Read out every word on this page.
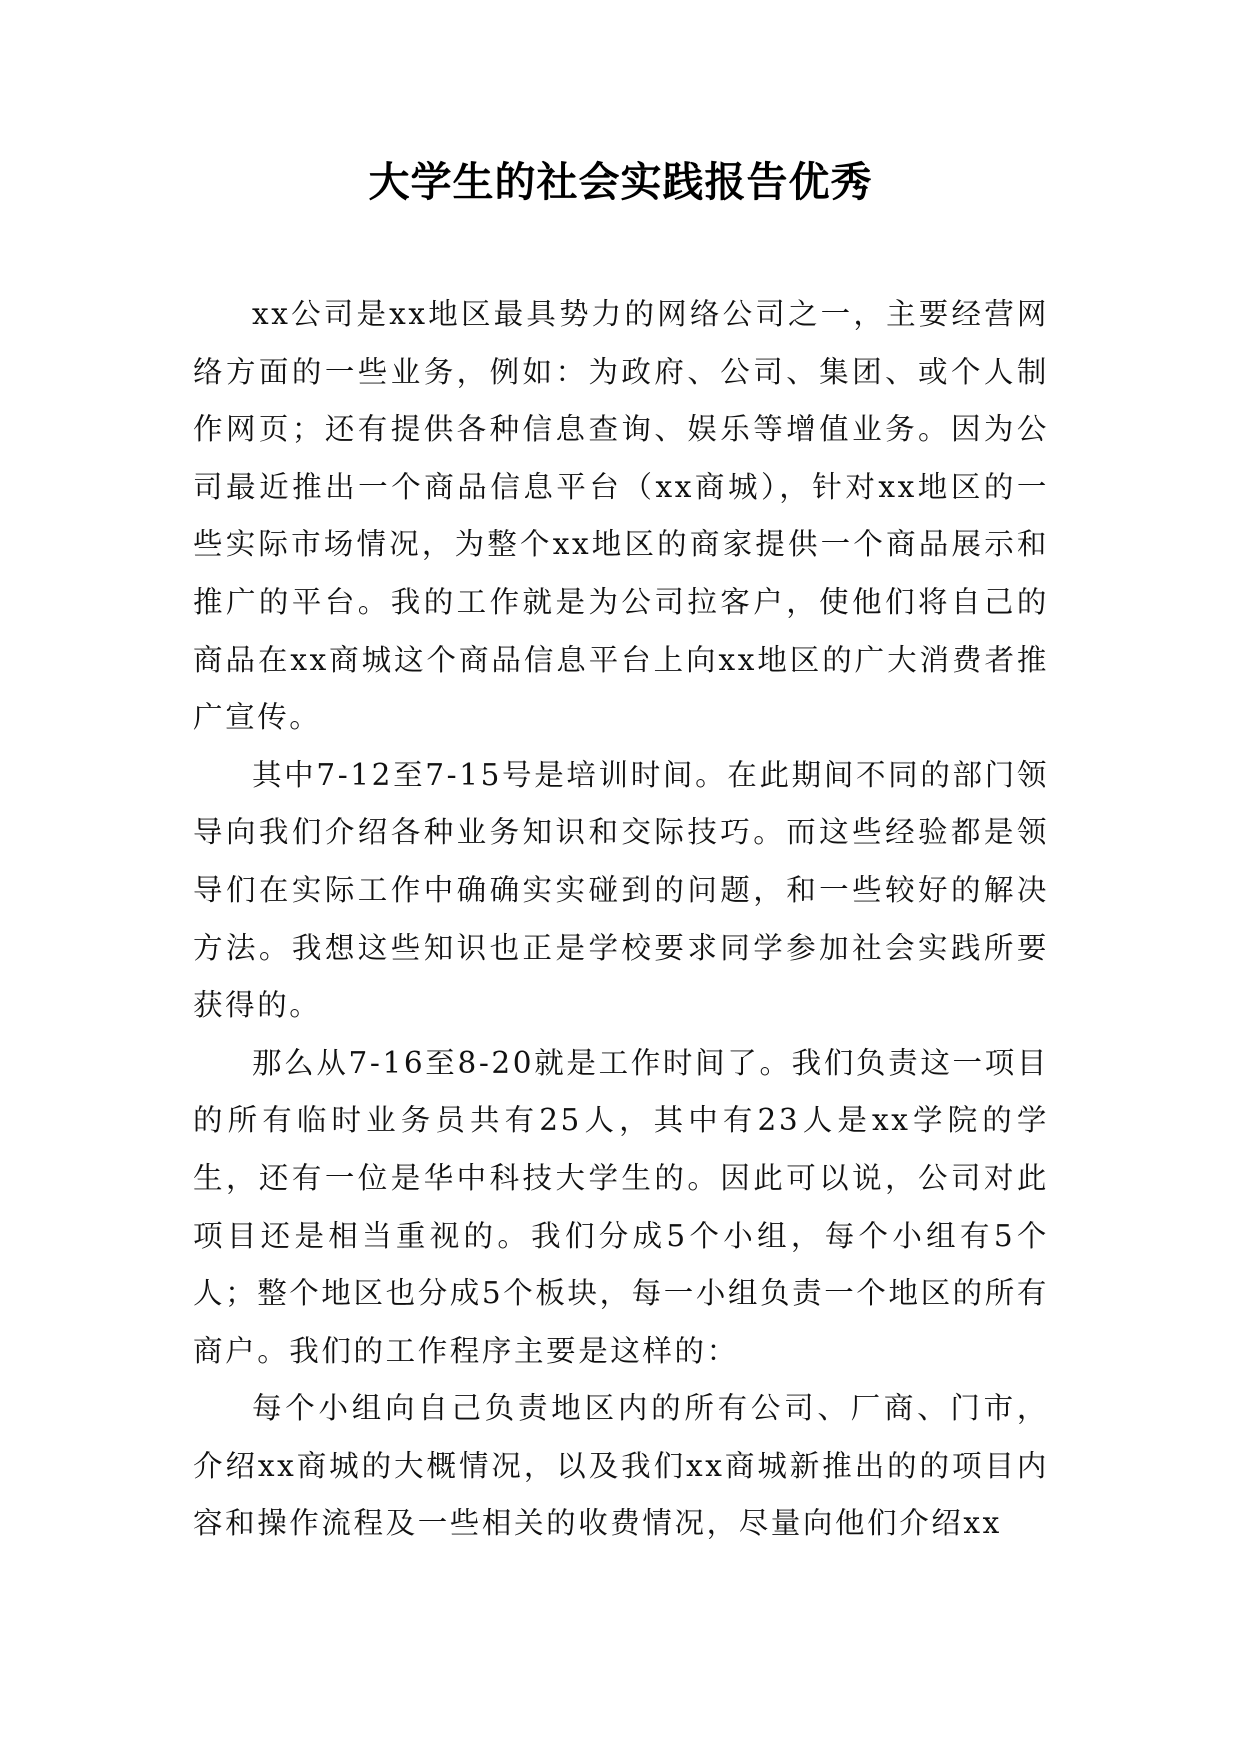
大学生的社会实践报告优秀

xx公司是xx地区最具势力的网络公司之一，主要经营网络方面的一些业务，例如：为政府、公司、集团、或个人制作网页；还有提供各种信息查询、娱乐等增值业务。因为公司最近推出一个商品信息平台（xx商城），针对xx地区的一些实际市场情况，为整个xx地区的商家提供一个商品展示和推广的平台。我的工作就是为公司拉客户，使他们将自己的商品在xx商城这个商品信息平台上向xx地区的广大消费者推广宣传。

其中7-12至7-15号是培训时间。在此期间不同的部门领导向我们介绍各种业务知识和交际技巧。而这些经验都是领导们在实际工作中确确实实碰到的问题，和一些较好的解决方法。我想这些知识也正是学校要求同学参加社会实践所要获得的。

那么从7-16至8-20就是工作时间了。我们负责这一项目的所有临时业务员共有25人，其中有23人是xx学院的学生，还有一位是华中科技大学生的。因此可以说，公司对此项目还是相当重视的。我们分成5个小组，每个小组有5个人；整个地区也分成5个板块，每一小组负责一个地区的所有商户。我们的工作程序主要是这样的：

每个小组向自己负责地区内的所有公司、厂商、门市，介绍xx商城的大概情况，以及我们xx商城新推出的的项目内容和操作流程及一些相关的收费情况，尽量向他们介绍xx
